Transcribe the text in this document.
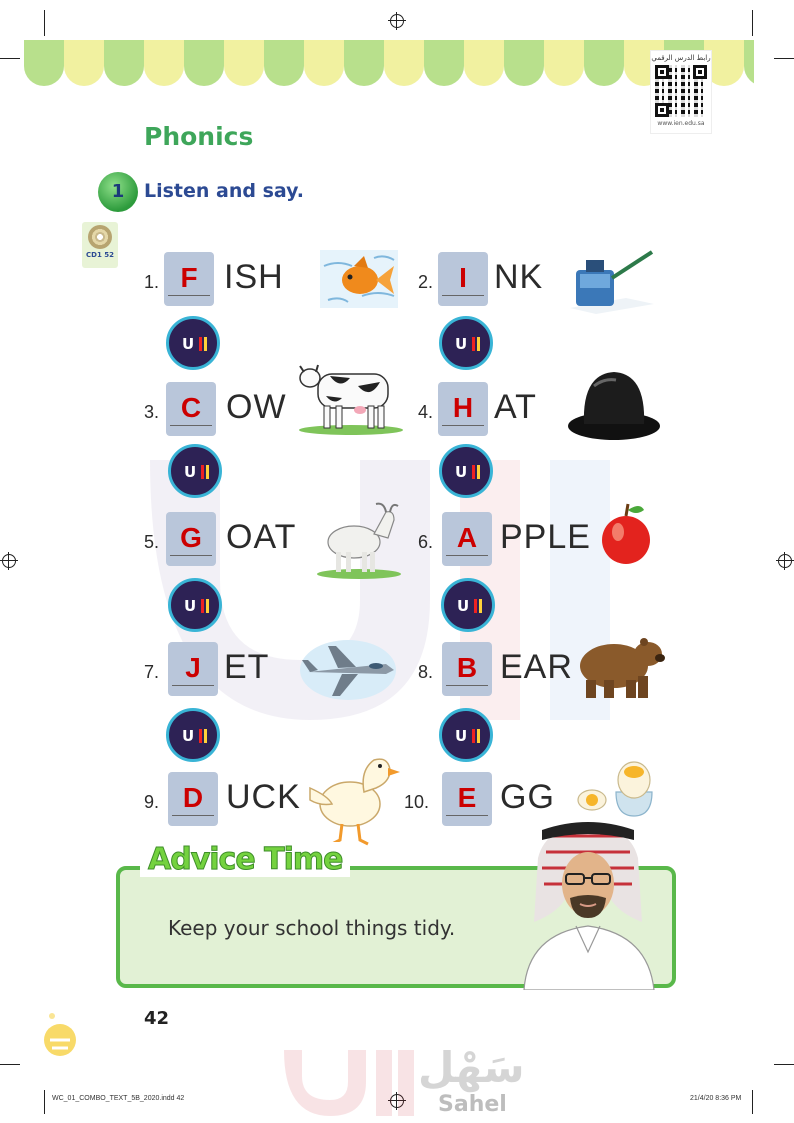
رابط الدرس الرقمي
www.ien.edu.sa
Phonics
1	Listen and say.
CD1 52
1. F ISH	2. I NK
U	U
3. C OW	4. H AT
U	U
5. G OAT	6. A PPLE
U	U
7. J ET	8. B EAR
U	U
9. D UCK	10.	E GG
Advice Time
Keep your school things tidy.
42
سَهْل
Sahel
WC_01_COMBO_TEXT_5B_2020.indd 42	21/4/20 8:36 PM
